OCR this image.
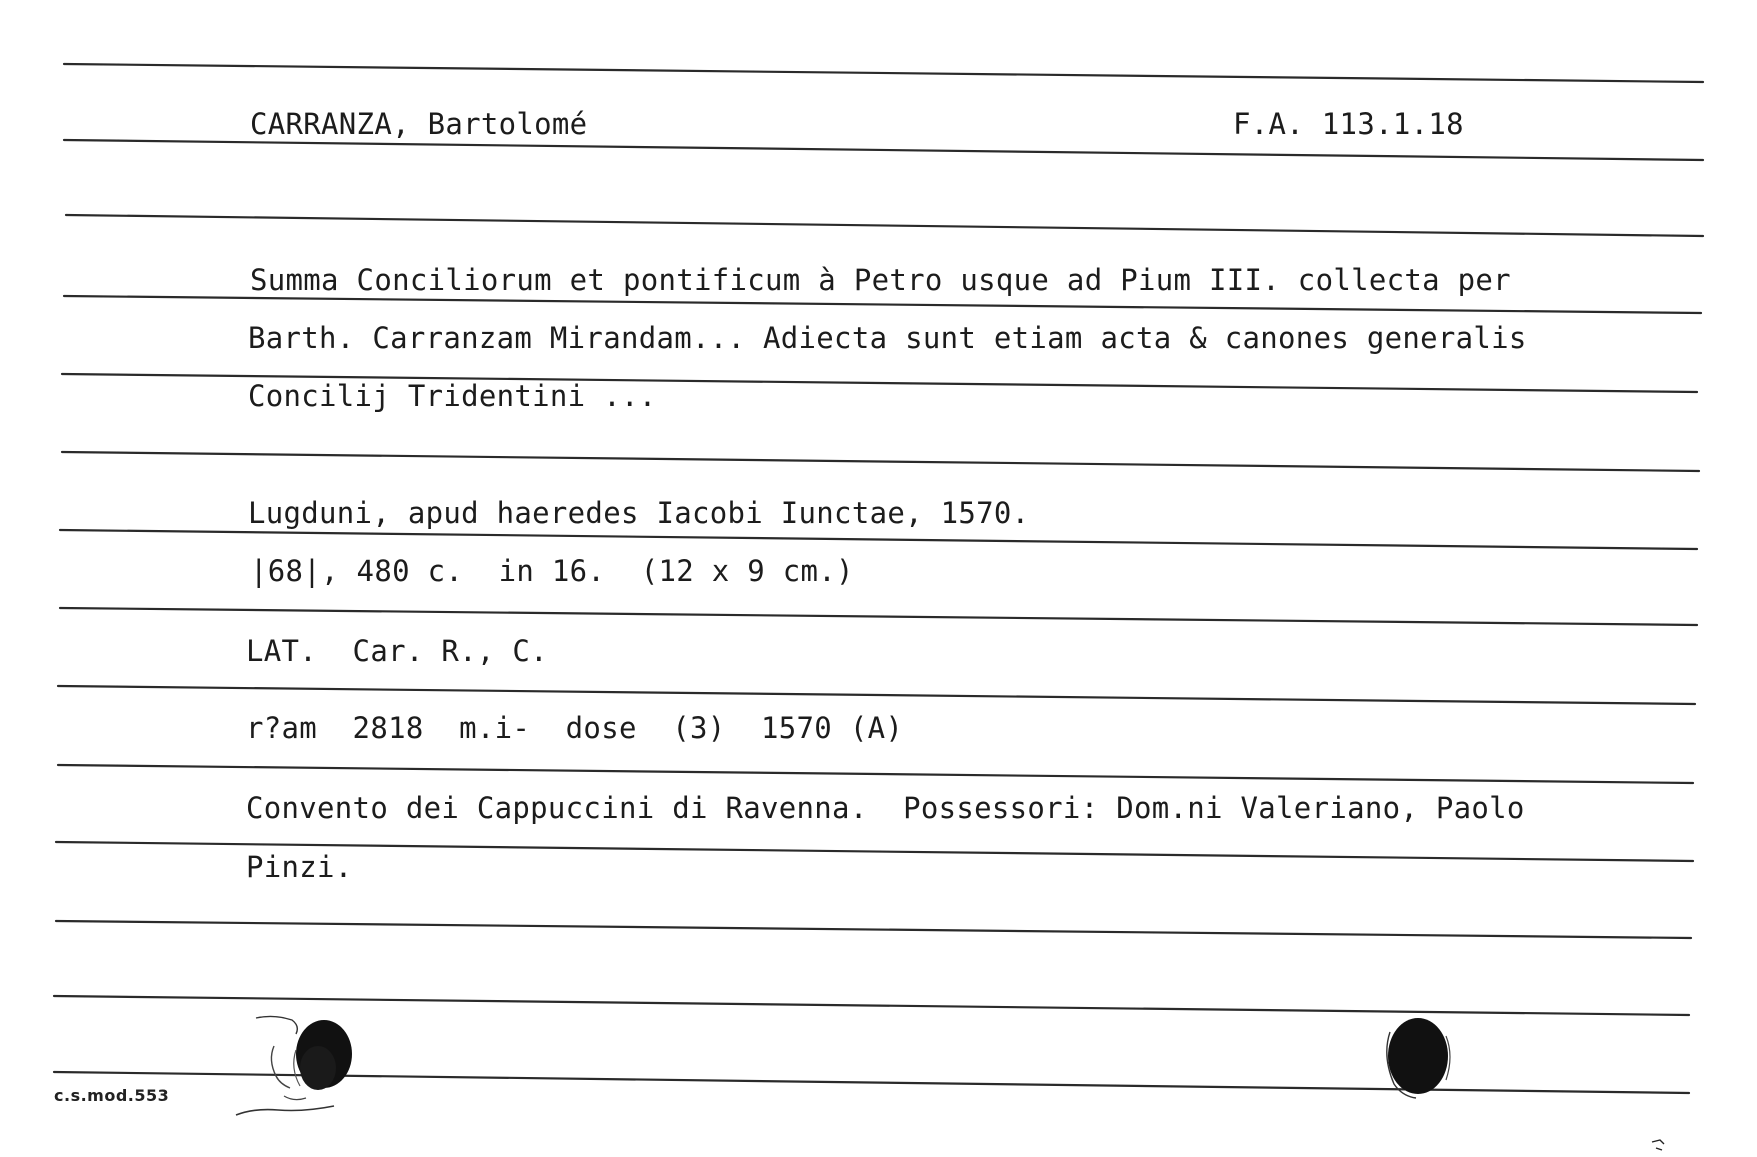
CARRANZA, Bartolomé	F.A. 113.1.18
Summa Conciliorum et pontificum à Petro usque ad Pium III. collecta per
Barth. Carranzam Mirandam... Adiecta sunt etiam acta & canones generalis
Concilij Tridentini ...
Lugduni, apud haeredes Iacobi Iunctae, 1570.
|68|, 480 c.  in 16.  (12 x 9 cm.)
LAT.  Car. R., C.
r?am  2818  m.i-  dose  (3)  1570 (A)
Convento dei Cappuccini di Ravenna.  Possessori: Dom.ni Valeriano, Paolo
Pinzi.
c.s.mod.553
